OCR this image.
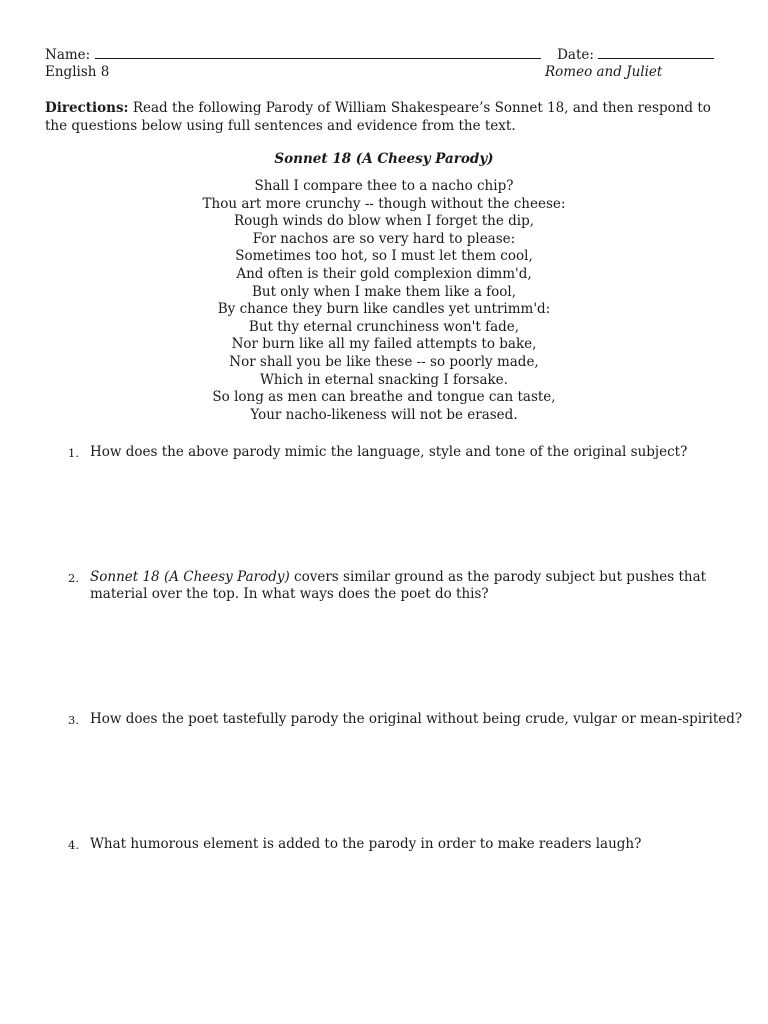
Name:	Date:
English 8	Romeo and Juliet
Directions: Read the following Parody of William Shakespeare’s Sonnet 18, and then respond to the questions below using full sentences and evidence from the text.
Sonnet 18 (A Cheesy Parody)
Shall I compare thee to a nacho chip?
Thou art more crunchy -- though without the cheese:
Rough winds do blow when I forget the dip,
For nachos are so very hard to please:
Sometimes too hot, so I must let them cool,
And often is their gold complexion dimm'd,
But only when I make them like a fool,
By chance they burn like candles yet untrimm'd:
But thy eternal crunchiness won't fade,
Nor burn like all my failed attempts to bake,
Nor shall you be like these -- so poorly made,
Which in eternal snacking I forsake.
So long as men can breathe and tongue can taste,
Your nacho-likeness will not be erased.
1. How does the above parody mimic the language, style and tone of the original subject?
2. Sonnet 18 (A Cheesy Parody) covers similar ground as the parody subject but pushes that material over the top. In what ways does the poet do this?
3. How does the poet tastefully parody the original without being crude, vulgar or mean-spirited?
4. What humorous element is added to the parody in order to make readers laugh?
